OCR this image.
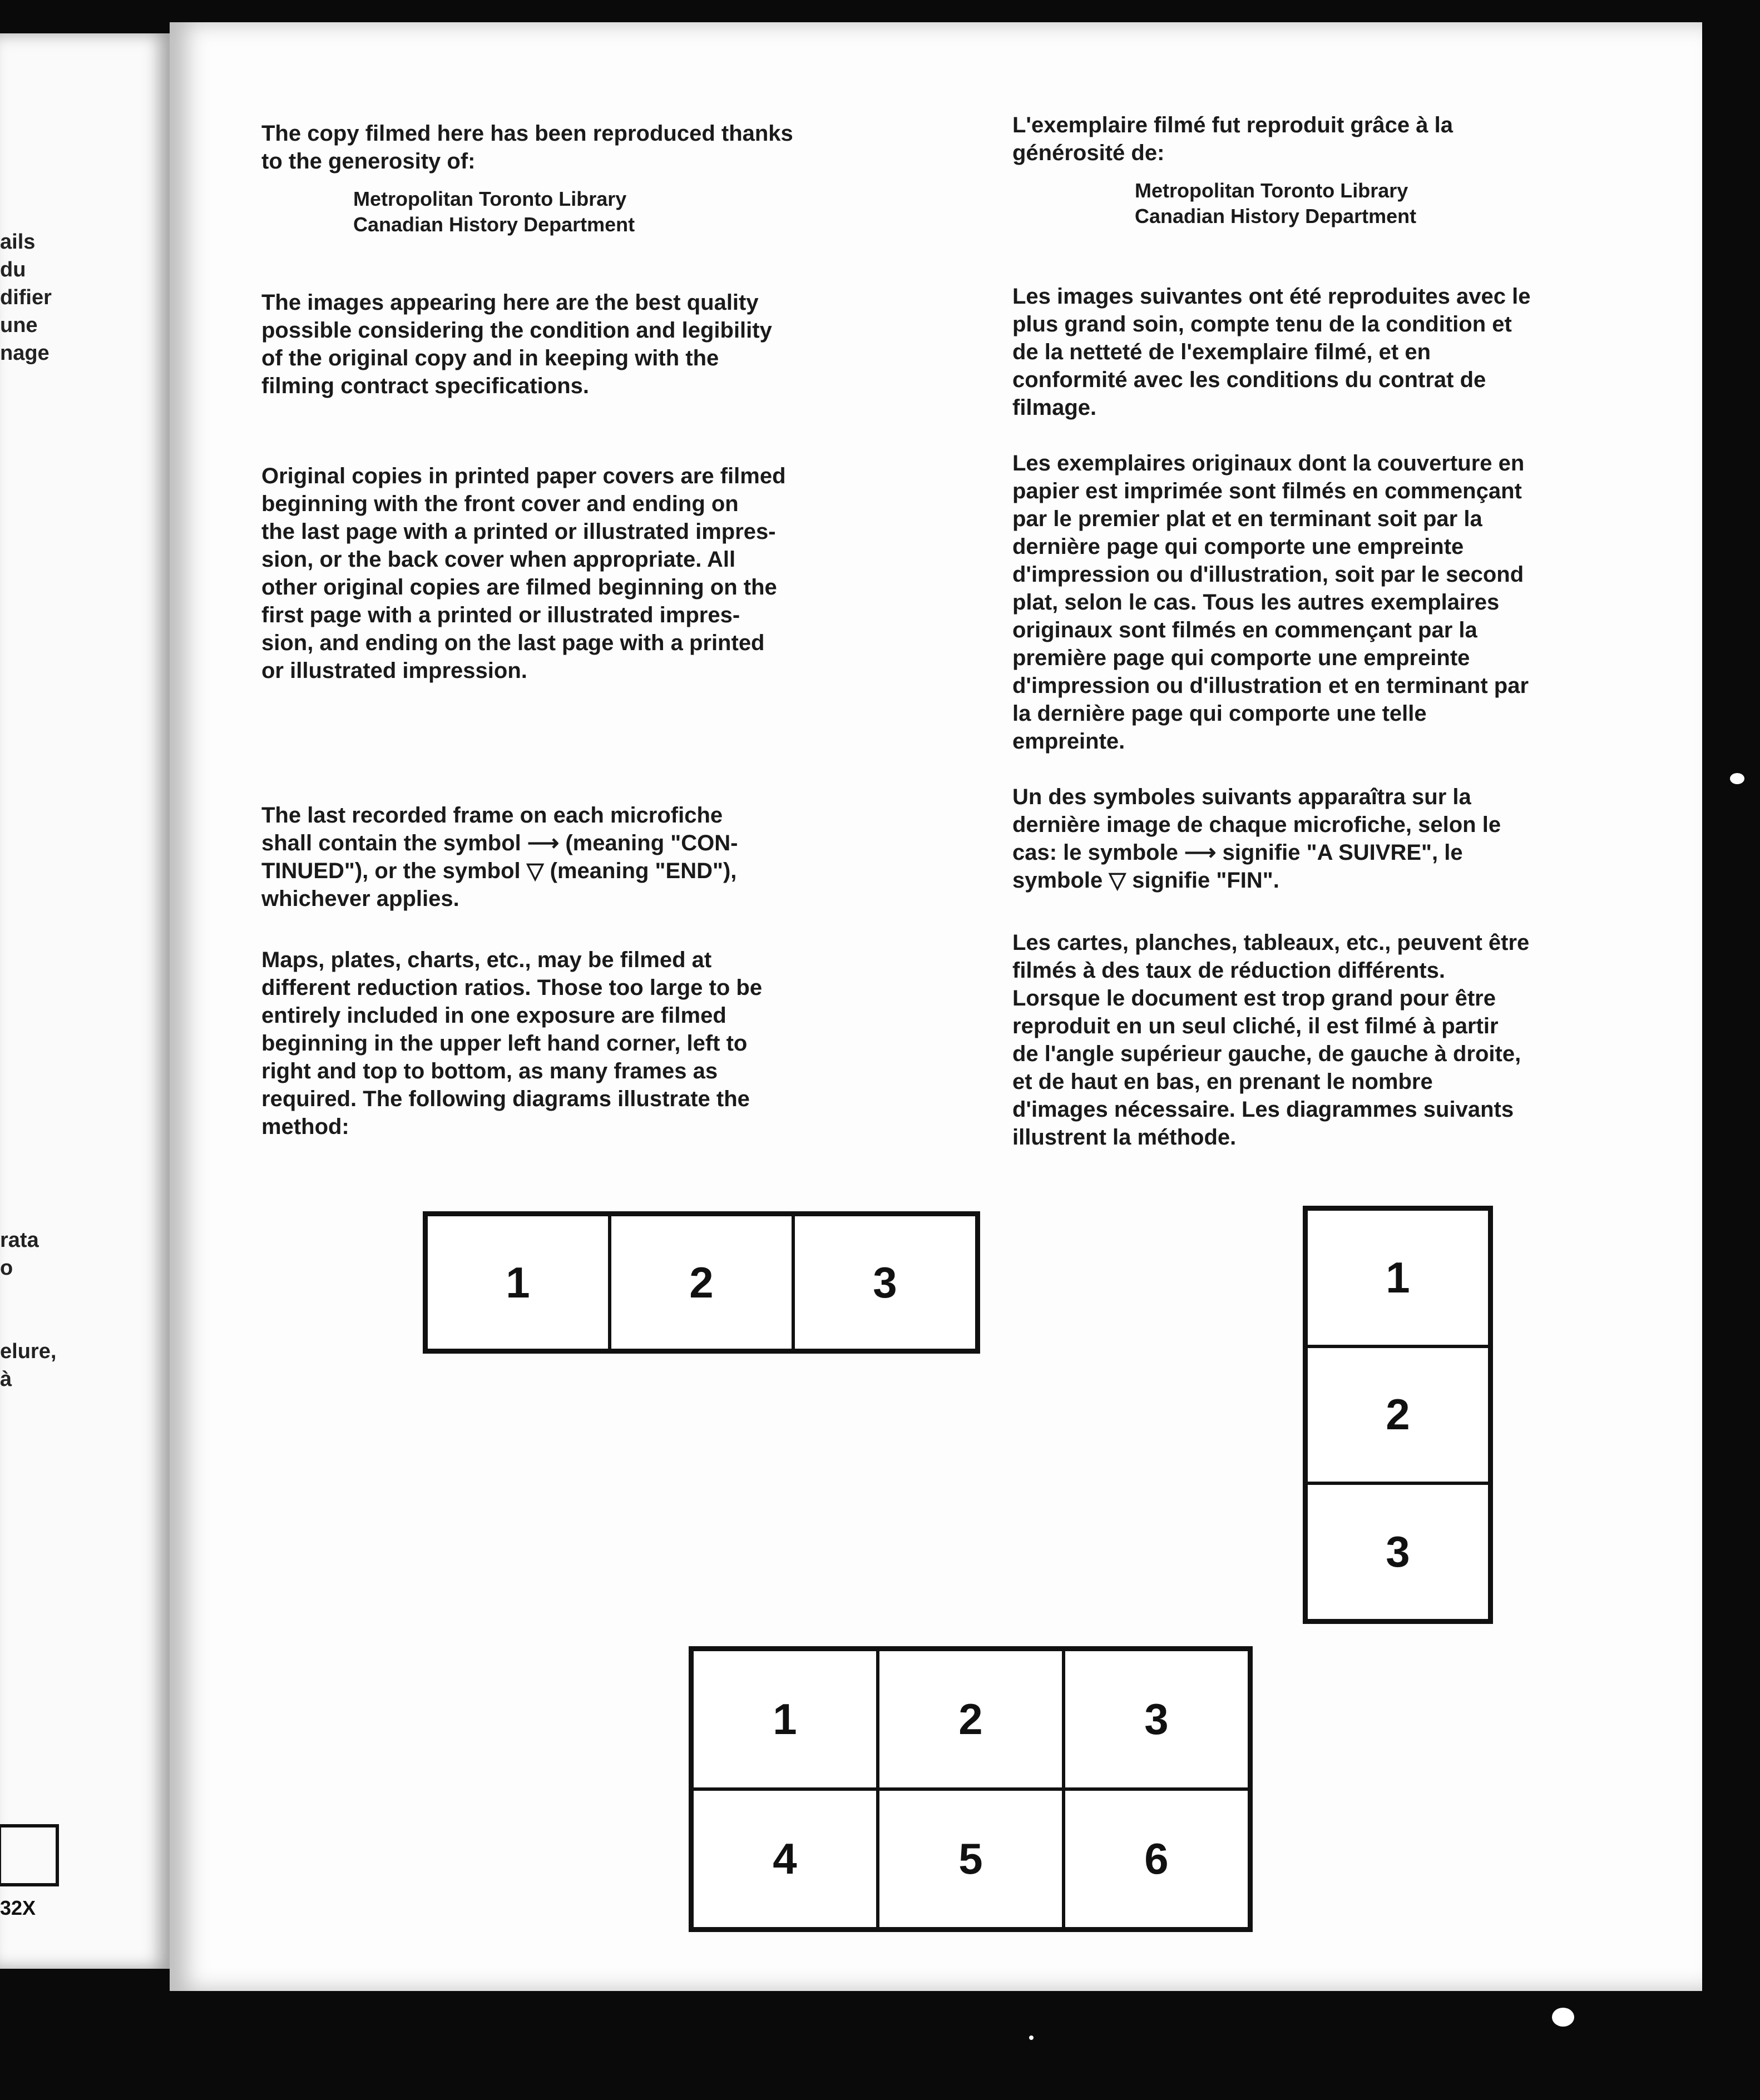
ails
du
difier
une
nage
rata
o
elure,
à
32X

The copy filmed here has been reproduced thanks
to the generosity of:

Metropolitan Toronto Library
Canadian History Department

The images appearing here are the best quality
possible considering the condition and legibility
of the original copy and in keeping with the
filming contract specifications.

Original copies in printed paper covers are filmed
beginning with the front cover and ending on
the last page with a printed or illustrated impres-
sion, or the back cover when appropriate. All
other original copies are filmed beginning on the
first page with a printed or illustrated impres-
sion, and ending on the last page with a printed
or illustrated impression.

The last recorded frame on each microfiche
shall contain the symbol ⟶ (meaning "CON-
TINUED"), or the symbol ▽ (meaning "END"),
whichever applies.

Maps, plates, charts, etc., may be filmed at
different reduction ratios. Those too large to be
entirely included in one exposure are filmed
beginning in the upper left hand corner, left to
right and top to bottom, as many frames as
required. The following diagrams illustrate the
method:

L'exemplaire filmé fut reproduit grâce à la
générosité de:

Metropolitan Toronto Library
Canadian History Department

Les images suivantes ont été reproduites avec le
plus grand soin, compte tenu de la condition et
de la netteté de l'exemplaire filmé, et en
conformité avec les conditions du contrat de
filmage.

Les exemplaires originaux dont la couverture en
papier est imprimée sont filmés en commençant
par le premier plat et en terminant soit par la
dernière page qui comporte une empreinte
d'impression ou d'illustration, soit par le second
plat, selon le cas. Tous les autres exemplaires
originaux sont filmés en commençant par la
première page qui comporte une empreinte
d'impression ou d'illustration et en terminant par
la dernière page qui comporte une telle
empreinte.

Un des symboles suivants apparaîtra sur la
dernière image de chaque microfiche, selon le
cas: le symbole ⟶ signifie "A SUIVRE", le
symbole ▽ signifie "FIN".

Les cartes, planches, tableaux, etc., peuvent être
filmés à des taux de réduction différents.
Lorsque le document est trop grand pour être
reproduit en un seul cliché, il est filmé à partir
de l'angle supérieur gauche, de gauche à droite,
et de haut en bas, en prenant le nombre
d'images nécessaire. Les diagrammes suivants
illustrent la méthode.

1	2	3	1
2
3
1	2	3
4	5	6
